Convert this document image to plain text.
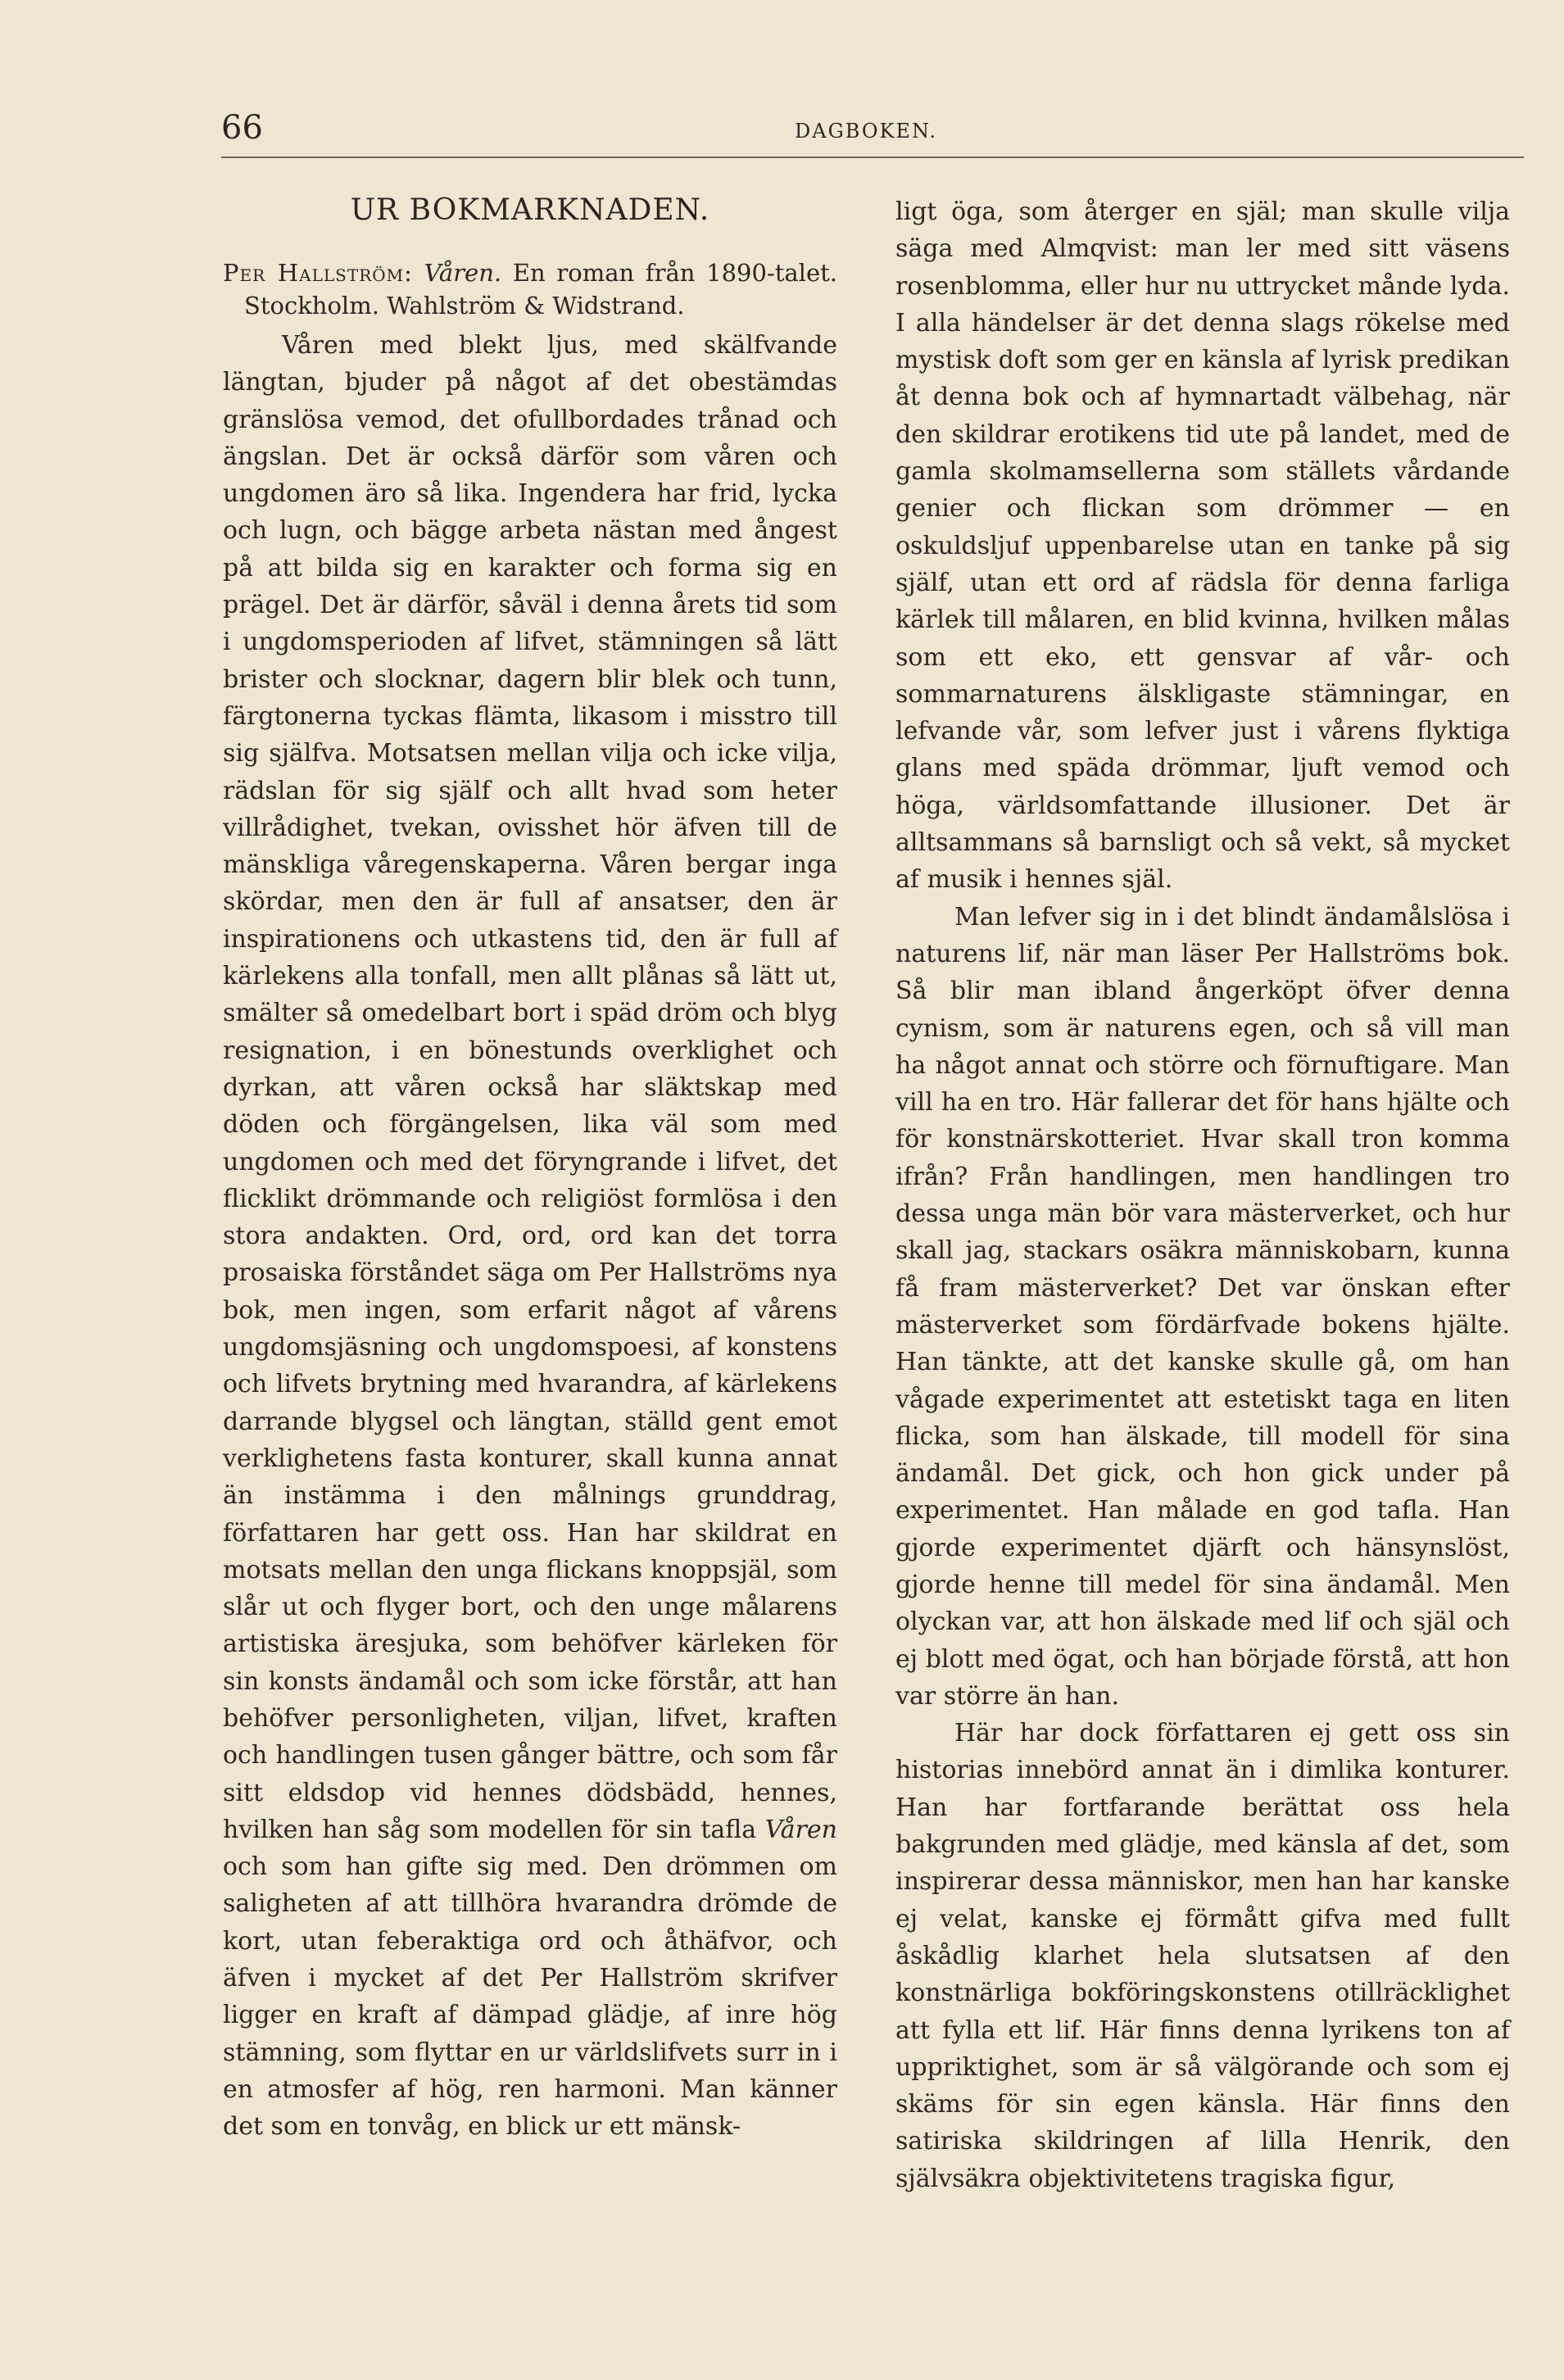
66	DAGBOKEN.
UR BOKMARKNADEN.
Per Hallström: Våren. En roman från 1890-talet. Stockholm. Wahlström & Widstrand.

Våren med blekt ljus, med skälfvande längtan, bjuder på något af det obestämdas gränslösa vemod, det ofullbordades trånad och ängslan. Det är också därför som våren och ungdomen äro så lika. Ingendera har frid, lycka och lugn, och bägge arbeta nästan med ångest på att bilda sig en karakter och forma sig en prägel. Det är därför, såväl i denna årets tid som i ungdomsperioden af lifvet, stämningen så lätt brister och slocknar, dagern blir blek och tunn, färgtonerna tyckas flämta, likasom i misstro till sig själfva. Motsatsen mellan vilja och icke vilja, rädslan för sig själf och allt hvad som heter villrådighet, tvekan, ovisshet hör äfven till de mänskliga våregenskaperna. Våren bergar inga skördar, men den är full af ansatser, den är inspirationens och utkastens tid, den är full af kärlekens alla tonfall, men allt plånas så lätt ut, smälter så omedelbart bort i späd dröm och blyg resignation, i en bönestunds overklighet och dyrkan, att våren också har släktskap med döden och förgängelsen, lika väl som med ungdomen och med det föryngrande i lifvet, det flicklikt drömmande och religiöst formlösa i den stora andakten. Ord, ord, ord kan det torra prosaiska förståndet säga om Per Hallströms nya bok, men ingen, som erfarit något af vårens ungdomsjäsning och ungdomspoesi, af konstens och lifvets brytning med hvarandra, af kärlekens darrande blygsel och längtan, ställd gent emot verklighetens fasta konturer, skall kunna annat än instämma i den målnings grunddrag, författaren har gett oss. Han har skildrat en motsats mellan den unga flickans knoppsjäl, som slår ut och flyger bort, och den unge målarens artistiska äresjuka, som behöfver kärleken för sin konsts ändamål och som icke förstår, att han behöfver personligheten, viljan, lifvet, kraften och handlingen tusen gånger bättre, och som får sitt eldsdop vid hennes dödsbädd, hennes, hvilken han såg som modellen för sin tafla Våren och som han gifte sig med. Den drömmen om saligheten af att tillhöra hvarandra drömde de kort, utan feberaktiga ord och åthäfvor, och äfven i mycket af det Per Hallström skrifver ligger en kraft af dämpad glädje, af inre hög stämning, som flyttar en ur världslifvets surr in i en atmosfer af hög, ren harmoni. Man känner det som en tonvåg, en blick ur ett mänsk-

ligt öga, som återger en själ; man skulle vilja säga med Almqvist: man ler med sitt väsens rosenblomma, eller hur nu uttrycket månde lyda. I alla händelser är det denna slags rökelse med mystisk doft som ger en känsla af lyrisk predikan åt denna bok och af hymnartadt välbehag, när den skildrar erotikens tid ute på landet, med de gamla skolmamsellerna som ställets vårdande genier och flickan som drömmer — en oskuldsljuf uppenbarelse utan en tanke på sig själf, utan ett ord af rädsla för denna farliga kärlek till målaren, en blid kvinna, hvilken målas som ett eko, ett gensvar af vår- och sommarnaturens älskligaste stämningar, en lefvande vår, som lefver just i vårens flyktiga glans med späda drömmar, ljuft vemod och höga, världsomfattande illusioner. Det är alltsammans så barnsligt och så vekt, så mycket af musik i hennes själ.

Man lefver sig in i det blindt ändamålslösa i naturens lif, när man läser Per Hallströms bok. Så blir man ibland ångerköpt öfver denna cynism, som är naturens egen, och så vill man ha något annat och större och förnuftigare. Man vill ha en tro. Här fallerar det för hans hjälte och för konstnärskotteriet. Hvar skall tron komma ifrån? Från handlingen, men handlingen tro dessa unga män bör vara mästerverket, och hur skall jag, stackars osäkra människobarn, kunna få fram mästerverket? Det var önskan efter mästerverket som fördärfvade bokens hjälte. Han tänkte, att det kanske skulle gå, om han vågade experimentet att estetiskt taga en liten flicka, som han älskade, till modell för sina ändamål. Det gick, och hon gick under på experimentet. Han målade en god tafla. Han gjorde experimentet djärft och hänsynslöst, gjorde henne till medel för sina ändamål. Men olyckan var, att hon älskade med lif och själ och ej blott med ögat, och han började förstå, att hon var större än han.

Här har dock författaren ej gett oss sin historias innebörd annat än i dimlika konturer. Han har fortfarande berättat oss hela bakgrunden med glädje, med känsla af det, som inspirerar dessa människor, men han har kanske ej velat, kanske ej förmått gifva med fullt åskådlig klarhet hela slutsatsen af den konstnärliga bokföringskonstens otillräcklighet att fylla ett lif. Här finns denna lyrikens ton af uppriktighet, som är så välgörande och som ej skäms för sin egen känsla. Här finns den satiriska skildringen af lilla Henrik, den självsäkra objektivitetens tragiska figur,
